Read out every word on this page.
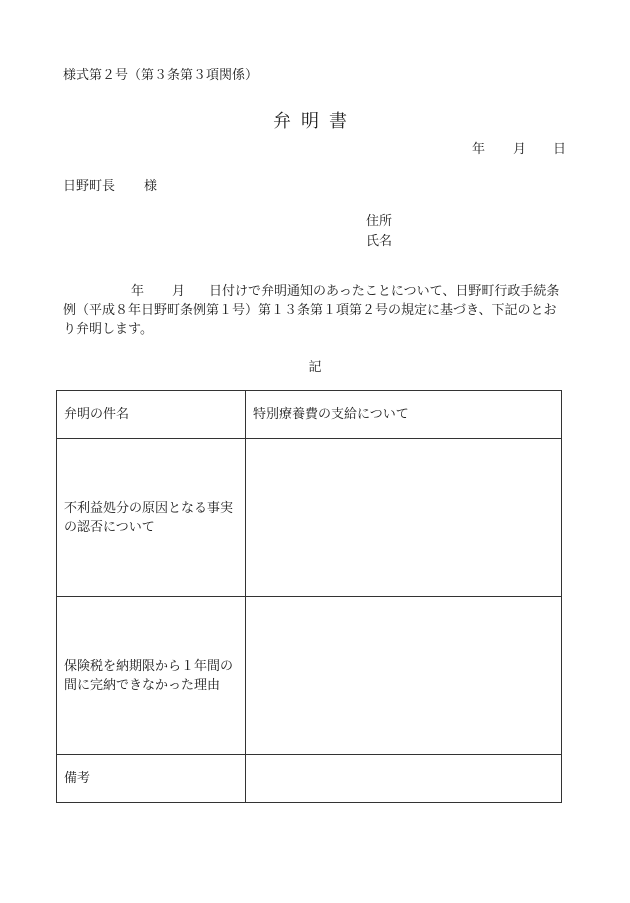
様式第２号（第３条第３項関係）
弁明書
年 月 日
日野町長 様
住所
氏名
年 月 日付けで弁明通知のあったことについて、日野町行政手続条
例（平成８年日野町条例第１号）第１３条第１項第２号の規定に基づき、下記のとお
り弁明します。
記
弁明の件名	特別療養費の支給について
不利益処分の原因となる事実の認否について	
保険税を納期限から１年間の間に完納できなかった理由	
備考	
